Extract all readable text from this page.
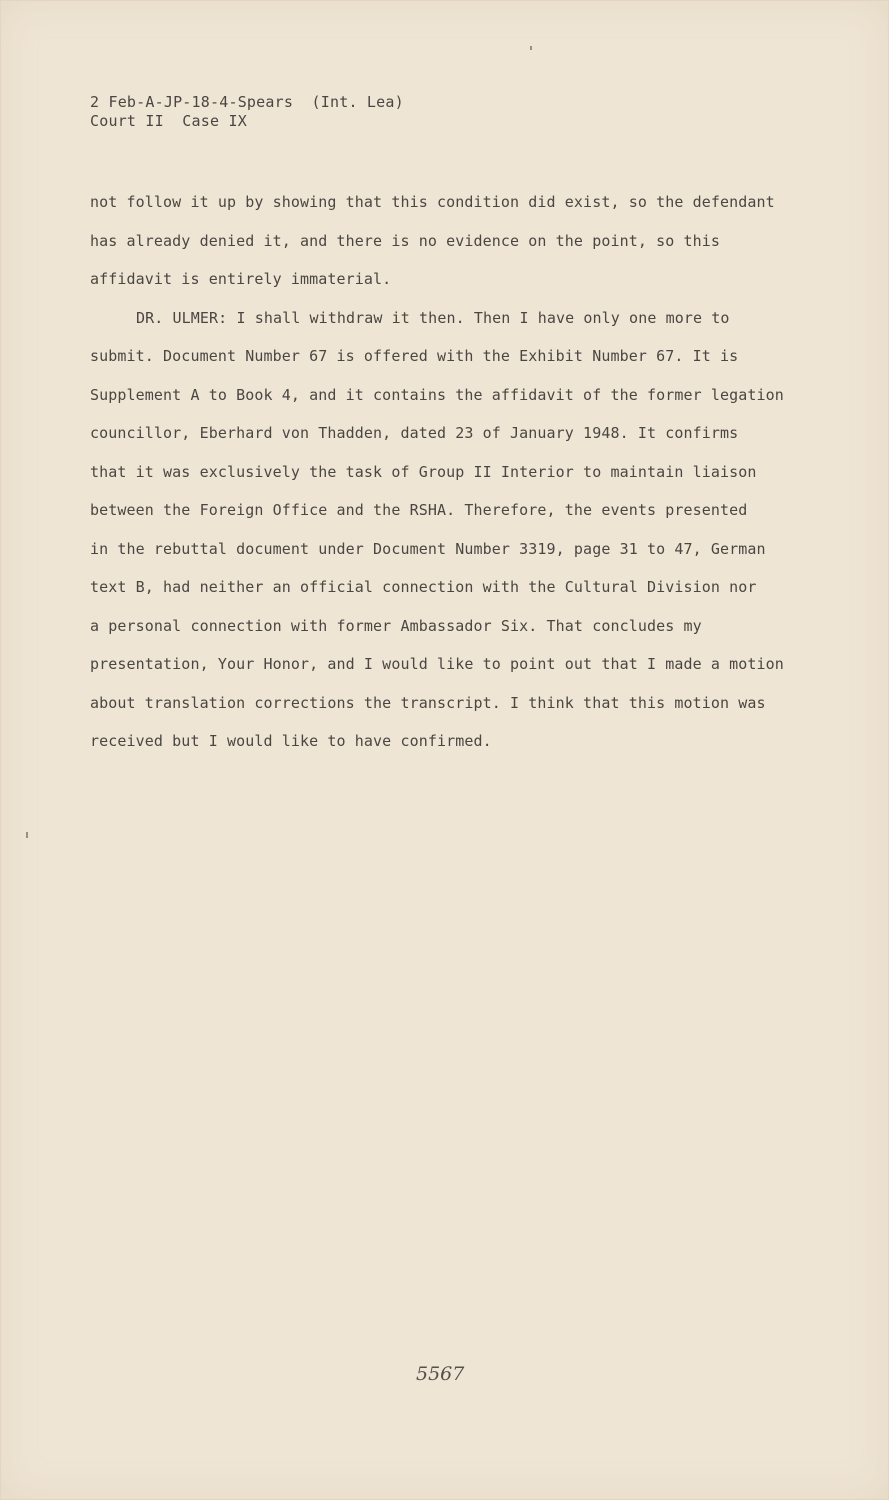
2 Feb-A-JP-18-4-Spears  (Int. Lea)
Court II  Case IX
not follow it up by showing that this condition did exist, so the defendant
has already denied it, and there is no evidence on the point, so this
affidavit is entirely immaterial.
DR. ULMER: I shall withdraw it then. Then I have only one more to
submit. Document Number 67 is offered with the Exhibit Number 67. It is
Supplement A to Book 4, and it contains the affidavit of the former legation
councillor, Eberhard von Thadden, dated 23 of January 1948. It confirms
that it was exclusively the task of Group II Interior to maintain liaison
between the Foreign Office and the RSHA. Therefore, the events presented
in the rebuttal document under Document Number 3319, page 31 to 47, German
text B, had neither an official connection with the Cultural Division nor
a personal connection with former Ambassador Six. That concludes my
presentation, Your Honor, and I would like to point out that I made a motion
about translation corrections the transcript. I think that this motion was
received but I would like to have confirmed.
5567
